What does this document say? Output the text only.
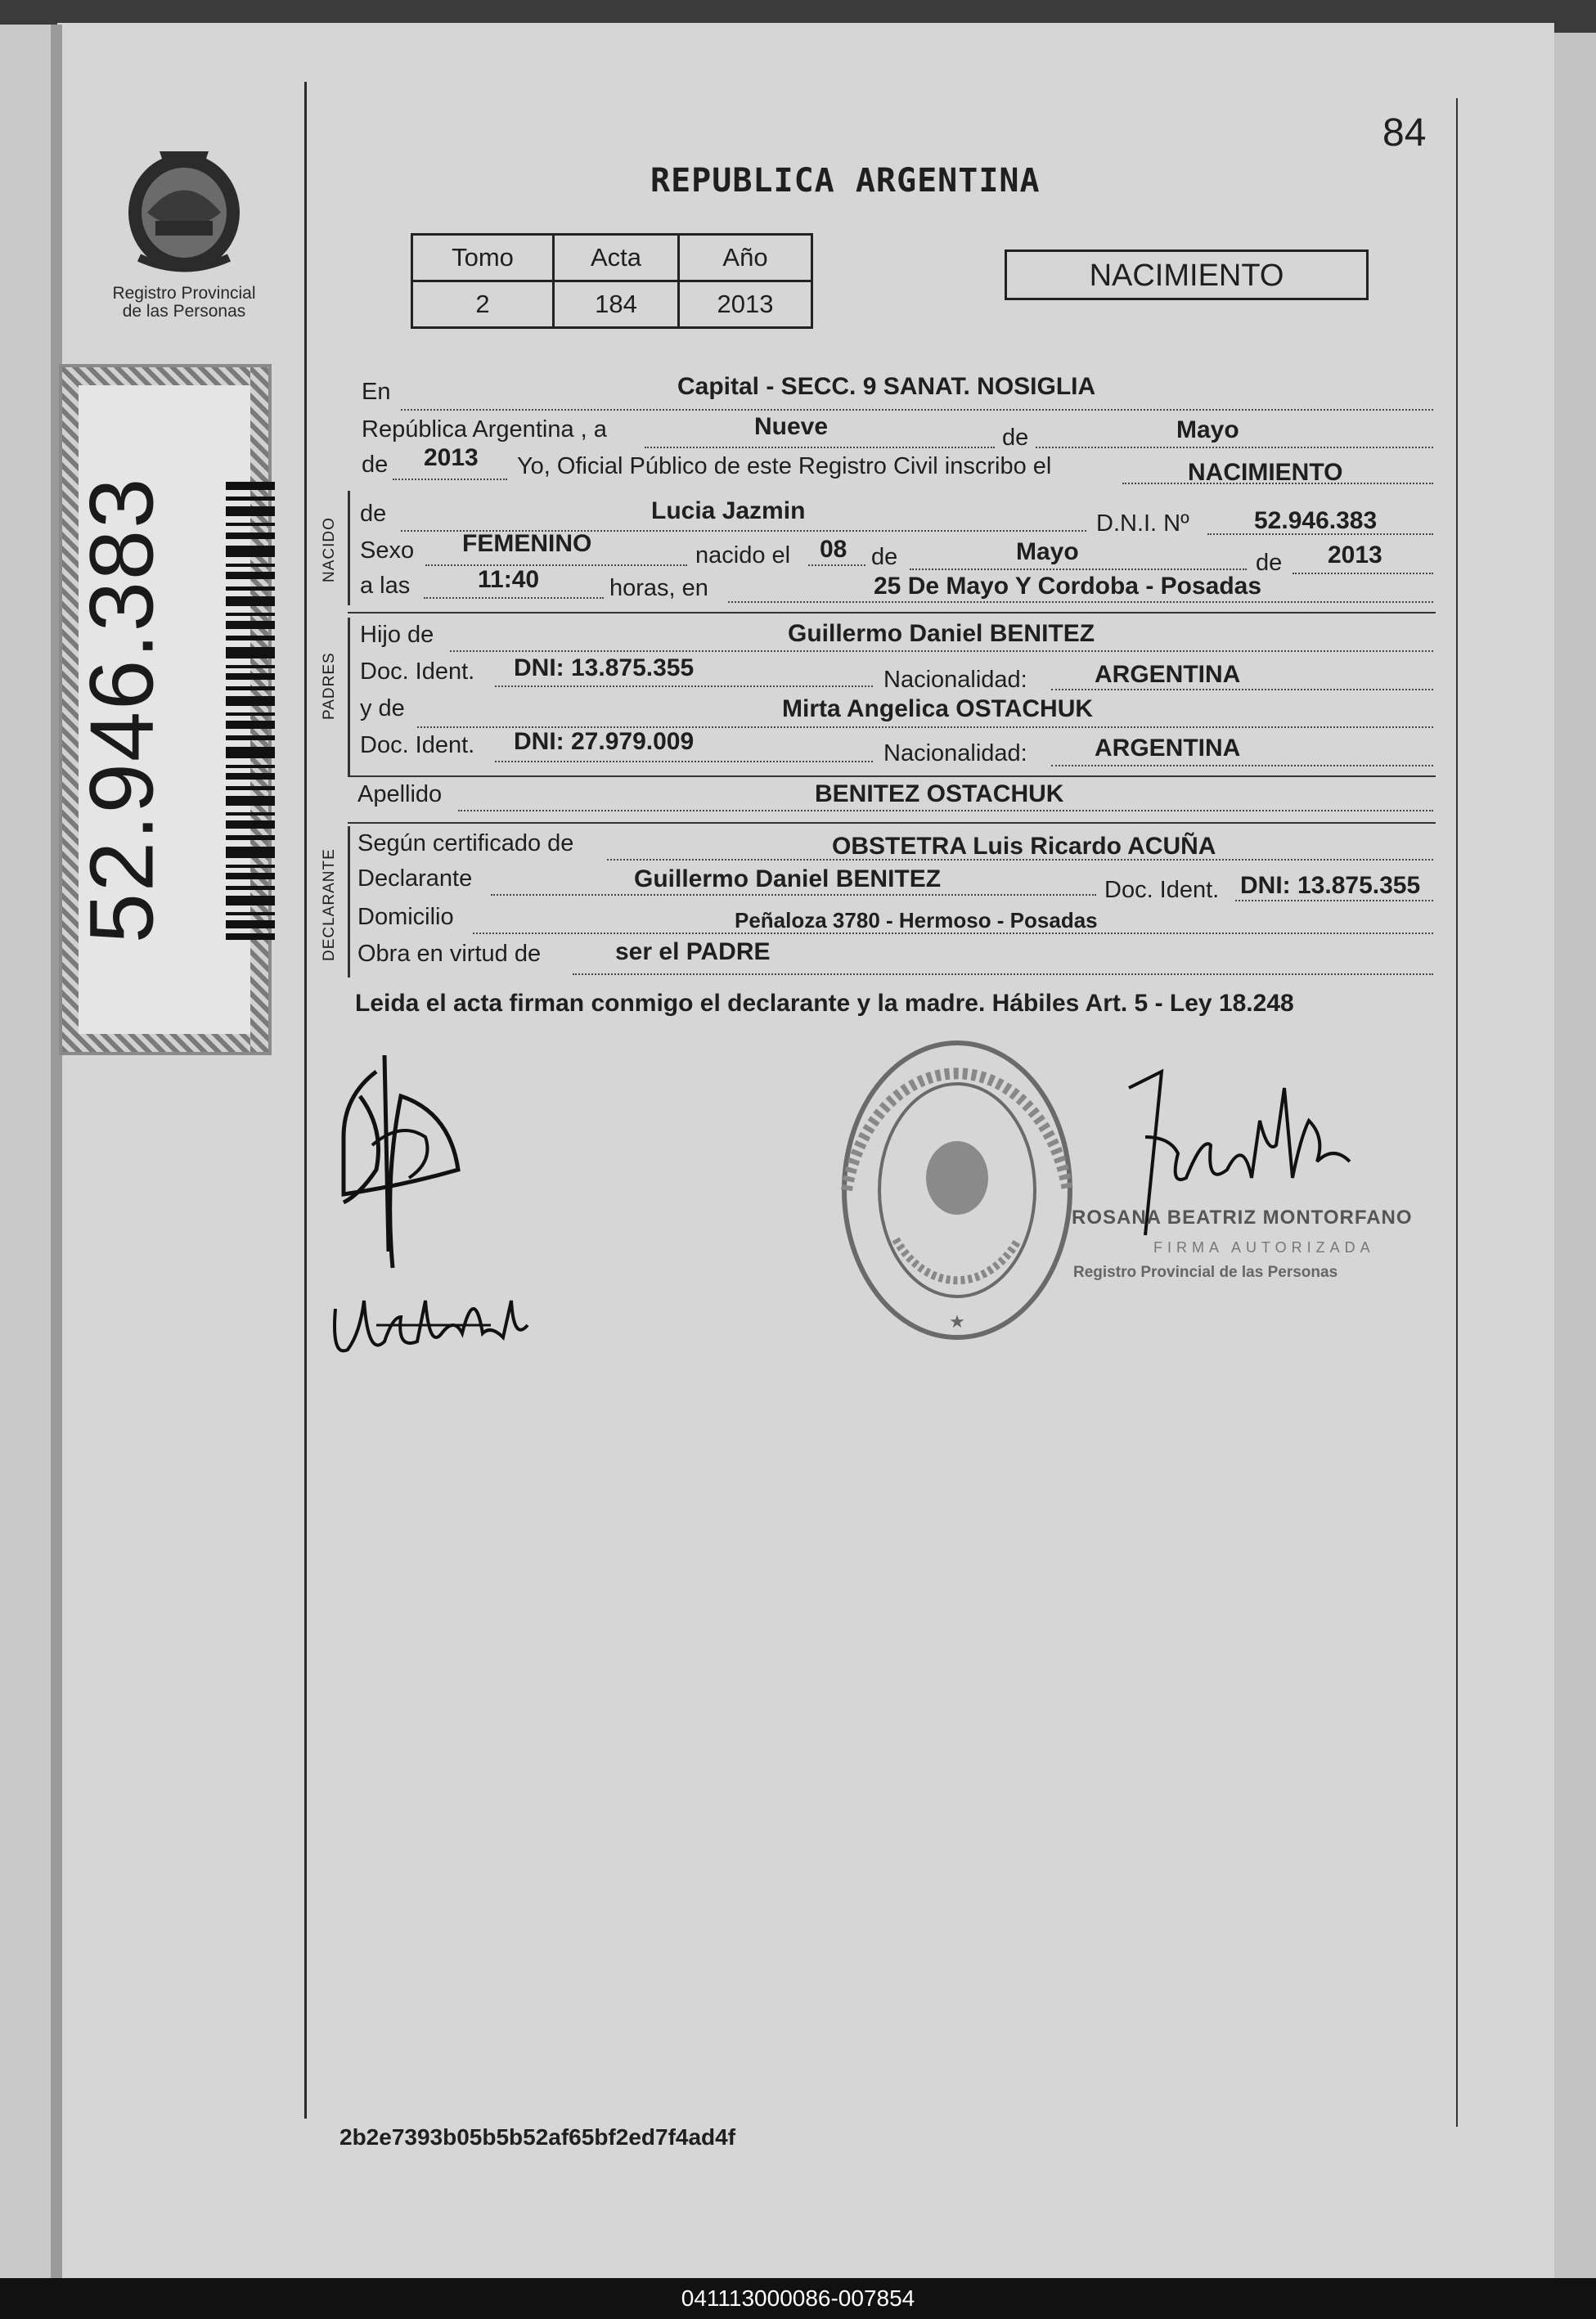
Registro Provincial
de las Personas
52.946.383
84
REPUBLICA ARGENTINA
Tomo	Acta	Año
2	184	2013
NACIMIENTO
NACIDO
PADRES
DECLARANTE
En	Capital - SECC. 9 SANAT. NOSIGLIA
República Argentina , a	Nueve	de	Mayo
de 2013 Yo, Oficial Público de este Registro Civil inscribo el	NACIMIENTO
de	Lucia Jazmin	D.N.I. Nº	52.946.383
Sexo FEMENINO	nacido el 08 de	Mayo	de 2013
a las	11:40	horas, en	25 De Mayo Y Cordoba - Posadas
Hijo de	Guillermo Daniel BENITEZ
Doc. Ident. DNI: 13.875.355	Nacionalidad:	ARGENTINA
y de	Mirta Angelica OSTACHUK
Doc. Ident. DNI: 27.979.009	Nacionalidad:	ARGENTINA
Apellido	BENITEZ OSTACHUK
Según certificado de	OBSTETRA Luis Ricardo ACUÑA
Declarante	Guillermo Daniel BENITEZ	Doc. Ident. DNI: 13.875.355
Domicilio	Peñaloza 3780 - Hermoso - Posadas
Obra en virtud de	ser el PADRE
Leida el acta firman conmigo el declarante y la madre. Hábiles Art. 5 - Ley 18.248
★
ROSANA BEATRIZ MONTORFANO
FIRMA AUTORIZADA
Registro Provincial de las Personas
2b2e7393b05b5b52af65bf2ed7f4ad4f
041113000086-007854
